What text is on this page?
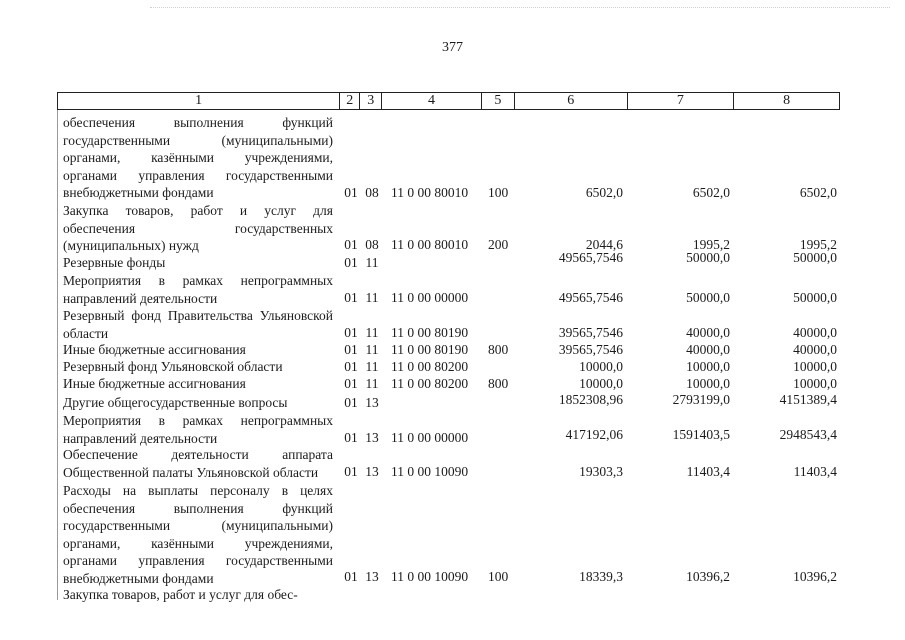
377
1	2 3	4	5	6	7	8
обеспечения выполнения функций государственными (муниципальными) органами, казёнными учреждениями, органами управления государственными внебюджетными фондами	01 08 11 0 00 80010	100	6502,0	6502,0	6502,0
Закупка товаров, работ и услуг для обеспечения государственных (муниципальных) нужд	01 08 11 0 00 80010	200	2044,6	1995,2	1995,2
Резервные фонды	01 11	49565,7546	50000,0	50000,0
Мероприятия в рамках непрограммных направлений деятельности	01 11 11 0 00 00000	49565,7546	50000,0	50000,0
Резервный фонд Правительства Ульяновской области	01 11 11 0 00 80190	39565,7546	40000,0	40000,0
Иные бюджетные ассигнования	01 11 11 0 00 80190	800	39565,7546	40000,0	40000,0
Резервный фонд Ульяновской области	01 11 11 0 00 80200	10000,0	10000,0	10000,0
Иные бюджетные ассигнования	01 11 11 0 00 80200	800	10000,0	10000,0	10000,0
Другие общегосударственные вопросы	01 13	1852308,96	2793199,0	4151389,4
Мероприятия в рамках непрограммных направлений деятельности	01 13 11 0 00 00000	417192,06	1591403,5	2948543,4
Обеспечение деятельности аппарата Общественной палаты Ульяновской области	01 13 11 0 00 10090	19303,3	11403,4	11403,4
Расходы на выплаты персоналу в целях обеспечения выполнения функций государственными (муниципальными) органами, казёнными учреждениями, органами управления государственными внебюджетными фондами	01 13 11 0 00 10090	100	18339,3	10396,2	10396,2
Закупка товаров, работ и услуг для обес-
